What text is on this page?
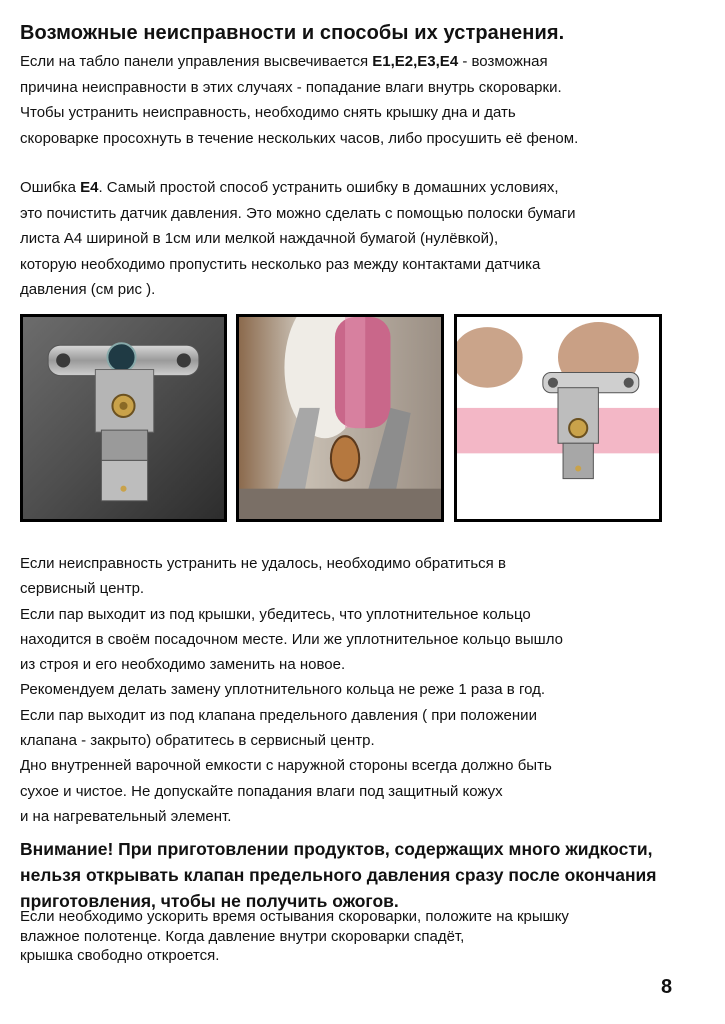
Возможные неисправности и способы их устранения.
Если на табло панели управления высвечивается E1,E2,E3,E4 - возможная
причина неисправности в этих случаях - попадание влаги внутрь скороварки.
Чтобы устранить неисправность, необходимо снять крышку дна и дать
скороварке просохнуть в течение нескольких часов, либо просушить её феном.
Ошибка E4. Самый простой способ устранить ошибку в домашних условиях,
это почистить датчик давления. Это можно сделать с помощью полоски бумаги
листа А4 шириной в 1см или мелкой наждачной бумагой (нулёвкой),
которую необходимо пропустить несколько раз между контактами датчика
давления (см рис ).
Если неисправность устранить не удалось, необходимо обратиться в
сервисный центр.
Если пар выходит из под крышки, убедитесь, что уплотнительное кольцо
находится в своём посадочном месте. Или же уплотнительное кольцо вышло
из строя и его необходимо заменить на новое.
Рекомендуем делать замену уплотнительного кольца не реже 1 раза в год.
Если пар выходит из под клапана предельного давления ( при положении
клапана - закрыто) обратитесь в сервисный центр.
Дно внутренней варочной емкости с наружной стороны всегда должно быть
сухое и чистое. Не допускайте попадания влаги под защитный кожух
и на нагревательный элемент.
Внимание! При приготовлении продуктов, содержащих много жидкости,
нельзя открывать клапан предельного давления сразу после окончания
приготовления, чтобы не получить ожогов.
Если необходимо ускорить время остывания скороварки, положите на крышку
влажное полотенце. Когда давление внутри скороварки спадёт,
крышка свободно откроется.
8
